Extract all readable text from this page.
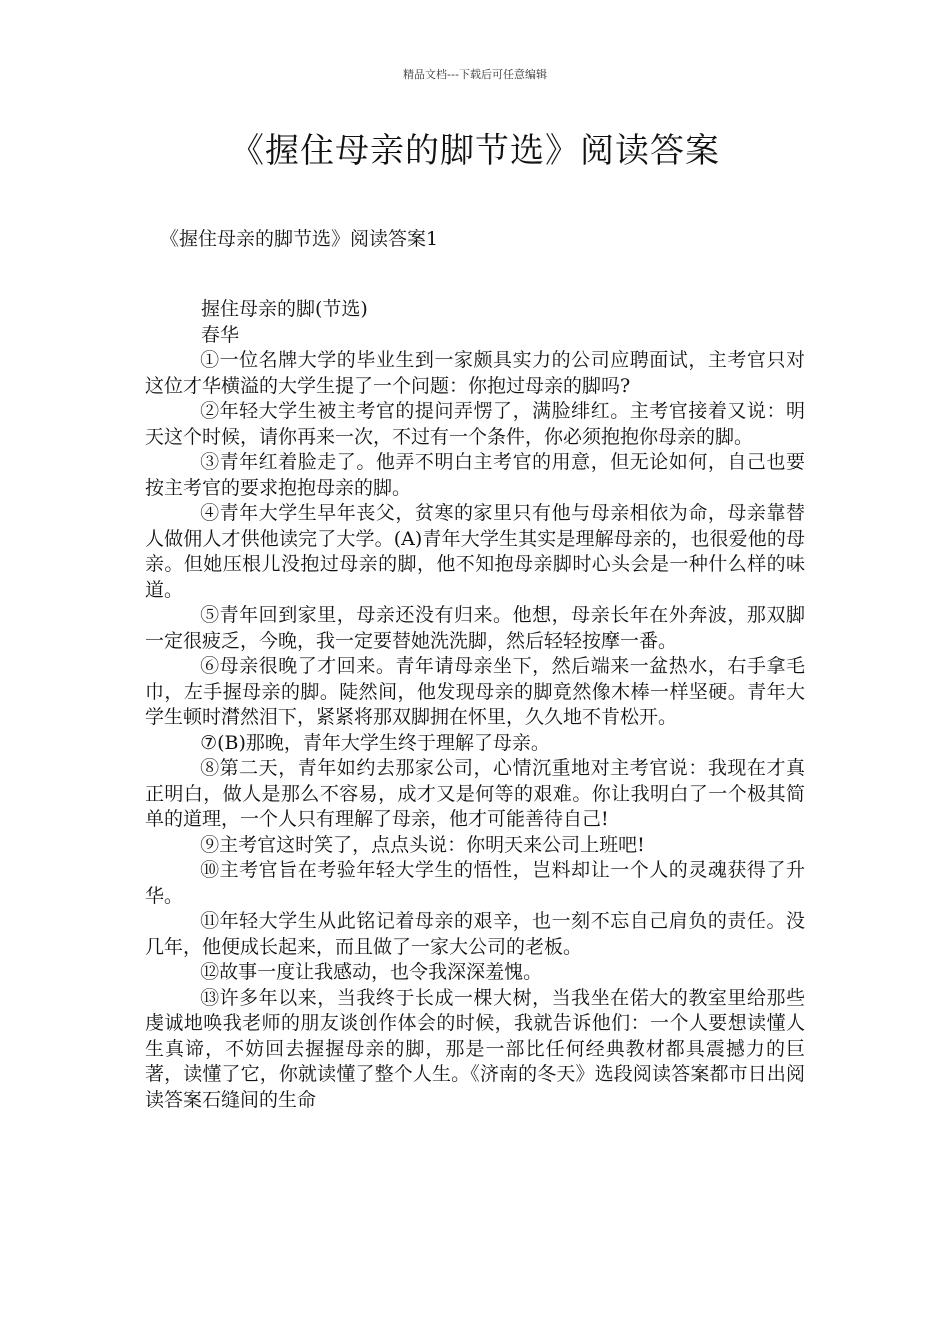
精品文档---下载后可任意编辑
《握住母亲的脚节选》阅读答案
《握住母亲的脚节选》阅读答案1

握住母亲的脚(节选)

春华

①一位名牌大学的毕业生到一家颇具实力的公司应聘面试，主考官只对这位才华横溢的大学生提了一个问题：你抱过母亲的脚吗?

②年轻大学生被主考官的提问弄愣了，满脸绯红。主考官接着又说：明天这个时候，请你再来一次，不过有一个条件，你必须抱抱你母亲的脚。

③青年红着脸走了。他弄不明白主考官的用意，但无论如何，自己也要按主考官的要求抱抱母亲的脚。

④青年大学生早年丧父，贫寒的家里只有他与母亲相依为命，母亲靠替人做佣人才供他读完了大学。(A)青年大学生其实是理解母亲的，也很爱他的母亲。但她压根儿没抱过母亲的脚，他不知抱母亲脚时心头会是一种什么样的味道。

⑤青年回到家里，母亲还没有归来。他想，母亲长年在外奔波，那双脚一定很疲乏，今晚，我一定要替她洗洗脚，然后轻轻按摩一番。

⑥母亲很晚了才回来。青年请母亲坐下，然后端来一盆热水，右手拿毛巾，左手握母亲的脚。陡然间，他发现母亲的脚竟然像木棒一样坚硬。青年大学生顿时潸然泪下，紧紧将那双脚拥在怀里，久久地不肯松开。

⑦(B)那晚，青年大学生终于理解了母亲。

⑧第二天，青年如约去那家公司，心情沉重地对主考官说：我现在才真正明白，做人是那么不容易，成才又是何等的艰难。你让我明白了一个极其简单的道理，一个人只有理解了母亲，他才可能善待自己!

⑨主考官这时笑了，点点头说：你明天来公司上班吧!

⑩主考官旨在考验年轻大学生的悟性，岂料却让一个人的灵魂获得了升华。

⑪年轻大学生从此铭记着母亲的艰辛，也一刻不忘自己肩负的责任。没几年，他便成长起来，而且做了一家大公司的老板。

⑫故事一度让我感动，也令我深深羞愧。

⑬许多年以来，当我终于长成一棵大树，当我坐在偌大的教室里给那些虔诚地唤我老师的朋友谈创作体会的时候，我就告诉他们：一个人要想读懂人生真谛，不妨回去握握母亲的脚，那是一部比任何经典教材都具震撼力的巨著，读懂了它，你就读懂了整个人生。《济南的冬天》选段阅读答案都市日出阅读答案石缝间的生命
